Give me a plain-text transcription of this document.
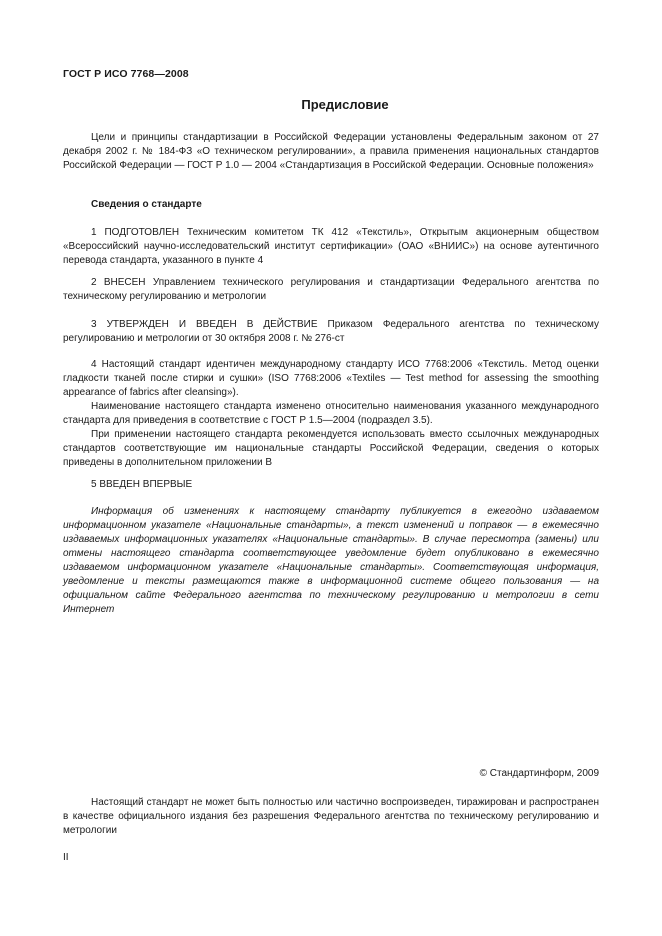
ГОСТ Р ИСО 7768—2008
Предисловие

Цели и принципы стандартизации в Российской Федерации установлены Федеральным законом от 27 декабря 2002 г. № 184-ФЗ «О техническом регулировании», а правила применения национальных стандартов Российской Федерации — ГОСТ Р 1.0 — 2004 «Стандартизация в Российской Федерации. Основные положения»

Сведения о стандарте

1 ПОДГОТОВЛЕН Техническим комитетом ТК 412 «Текстиль», Открытым акционерным обществом «Всероссийский научно-исследовательский институт сертификации» (ОАО «ВНИИС») на основе аутентичного перевода стандарта, указанного в пункте 4

2 ВНЕСЕН Управлением технического регулирования и стандартизации Федерального агентства по техническому регулированию и метрологии

3 УТВЕРЖДЕН И ВВЕДЕН В ДЕЙСТВИЕ Приказом Федерального агентства по техническому регулированию и метрологии от 30 октября 2008 г. № 276-ст

4 Настоящий стандарт идентичен международному стандарту ИСО 7768:2006 «Текстиль. Метод оценки гладкости тканей после стирки и сушки» (ISO 7768:2006 «Textiles — Test method for assessing the smoothing appearance of fabrics after cleansing»).

Наименование настоящего стандарта изменено относительно наименования указанного международного стандарта для приведения в соответствие с ГОСТ Р 1.5—2004 (подраздел 3.5).

При применении настоящего стандарта рекомендуется использовать вместо ссылочных международных стандартов соответствующие им национальные стандарты Российской Федерации, сведения о которых приведены в дополнительном приложении В

5 ВВЕДЕН ВПЕРВЫЕ

Информация об изменениях к настоящему стандарту публикуется в ежегодно издаваемом информационном указателе «Национальные стандарты», а текст изменений и поправок — в ежемесячно издаваемых информационных указателях «Национальные стандарты». В случае пересмотра (замены) или отмены настоящего стандарта соответствующее уведомление будет опубликовано в ежемесячно издаваемом информационном указателе «Национальные стандарты». Соответствующая информация, уведомление и тексты размещаются также в информационной системе общего пользования — на официальном сайте Федерального агентства по техническому регулированию и метрологии в сети Интернет

© Стандартинформ, 2009

Настоящий стандарт не может быть полностью или частично воспроизведен, тиражирован и распространен в качестве официального издания без разрешения Федерального агентства по техническому регулированию и метрологии

II
